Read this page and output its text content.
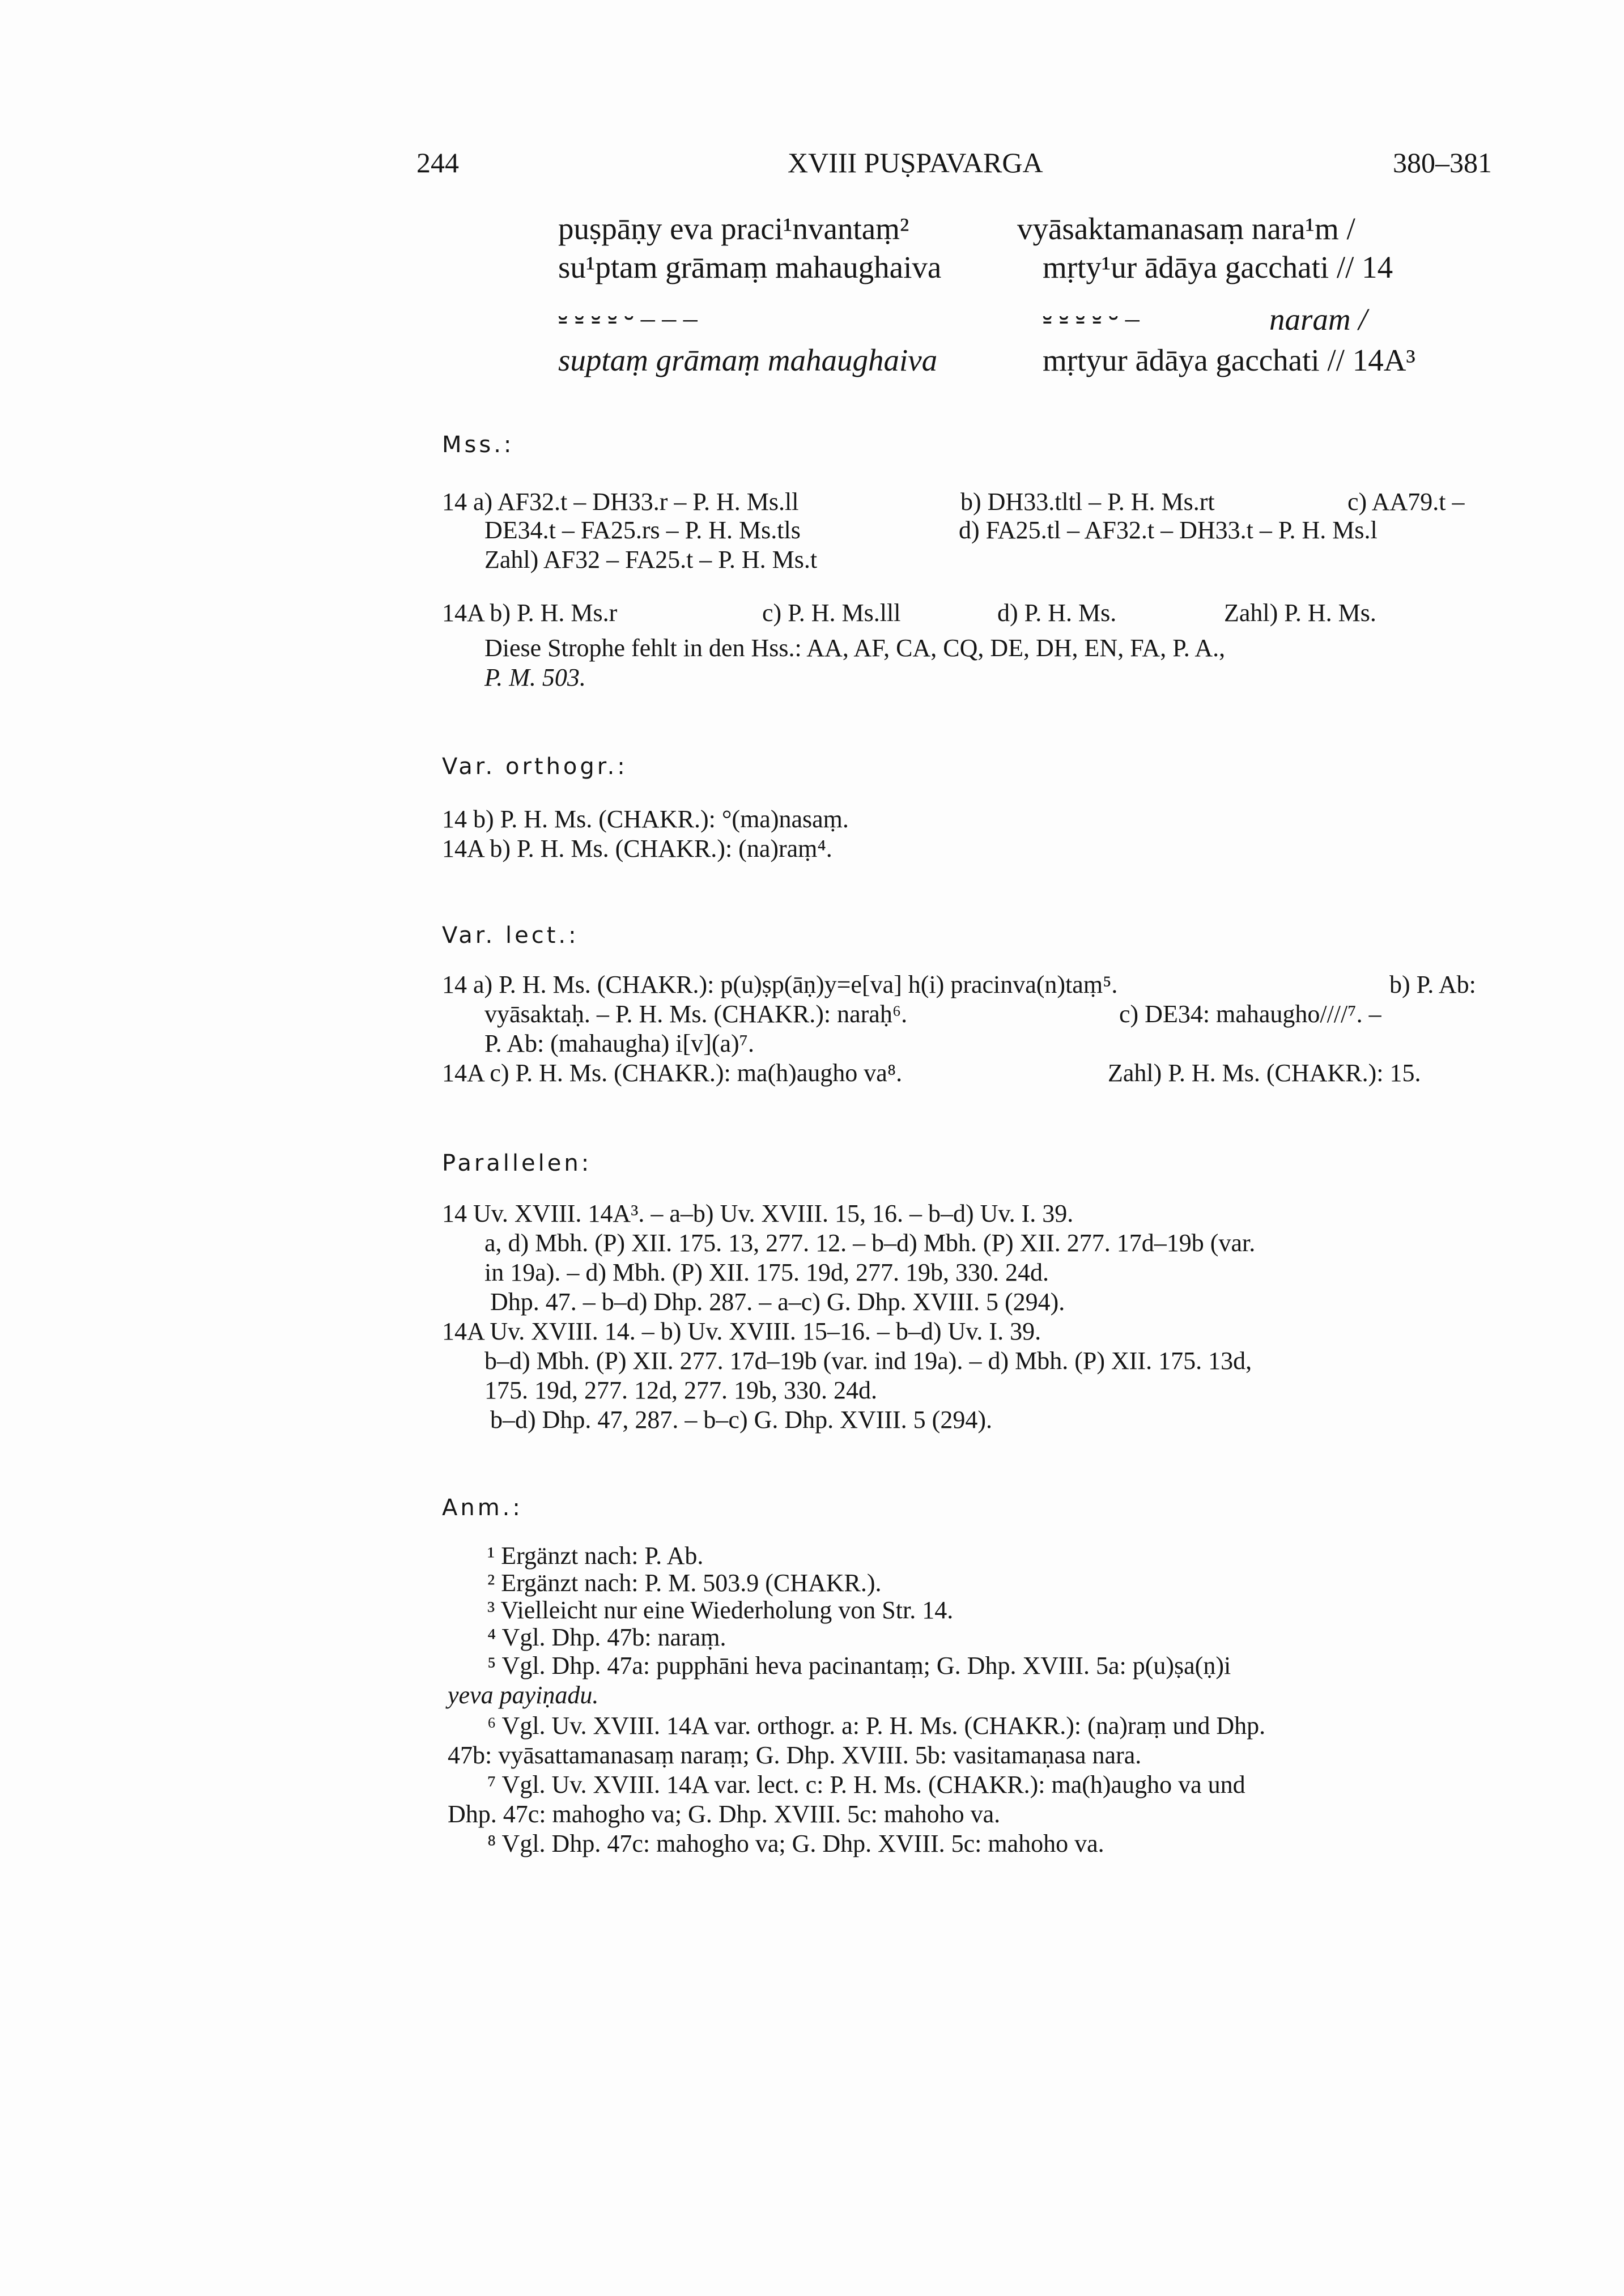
244	XVIII PUṢPAVARGA	380–381
puṣpāṇy eva praci¹nvantaṃ²	vyāsaktamanasaṃ nara¹m /
su¹ptam grāmaṃ mahaughaiva	mṛty¹ur ādāya gacchati // 14
⏓ ⏓ ⏓ ⏓ ⏑ – – –	⏓ ⏓ ⏓ ⏓ ⏑ –	naram /
suptaṃ grāmaṃ mahaughaiva	mṛtyur ādāya gacchati // 14A³
Mss.:
14 a) AF32.t – DH33.r – P. H. Ms.ll	b) DH33.tltl – P. H. Ms.rt	c) AA79.t –
DE34.t – FA25.rs – P. H. Ms.tls	d) FA25.tl – AF32.t – DH33.t – P. H. Ms.l
Zahl) AF32 – FA25.t – P. H. Ms.t
14A b) P. H. Ms.r	c) P. H. Ms.lll	d) P. H. Ms.	Zahl) P. H. Ms.
Diese Strophe fehlt in den Hss.: AA, AF, CA, CQ, DE, DH, EN, FA, P. A.,
P. M. 503.
Var. orthogr.:
14 b) P. H. Ms. (CHAKR.): °(ma)nasaṃ.
14A b) P. H. Ms. (CHAKR.): (na)raṃ⁴.
Var. lect.:
14 a) P. H. Ms. (CHAKR.): p(u)ṣp(āṇ)y=e[va] h(i) pracinva(n)taṃ⁵.	b) P. Ab:
vyāsaktaḥ. – P. H. Ms. (CHAKR.): naraḥ⁶.	c) DE34: mahaugho////⁷. –
P. Ab: (mahaugha) i[v](a)⁷.
14A c) P. H. Ms. (CHAKR.): ma(h)augho va⁸.	Zahl) P. H. Ms. (CHAKR.): 15.
Parallelen:
14 Uv. XVIII. 14A³. – a–b) Uv. XVIII. 15, 16. – b–d) Uv. I. 39.
a, d) Mbh. (P) XII. 175. 13, 277. 12. – b–d) Mbh. (P) XII. 277. 17d–19b (var.
in 19a). – d) Mbh. (P) XII. 175. 19d, 277. 19b, 330. 24d.
Dhp. 47. – b–d) Dhp. 287. – a–c) G. Dhp. XVIII. 5 (294).
14A Uv. XVIII. 14. – b) Uv. XVIII. 15–16. – b–d) Uv. I. 39.
b–d) Mbh. (P) XII. 277. 17d–19b (var. ind 19a). – d) Mbh. (P) XII. 175. 13d,
175. 19d, 277. 12d, 277. 19b, 330. 24d.
b–d) Dhp. 47, 287. – b–c) G. Dhp. XVIII. 5 (294).
Anm.:
¹ Ergänzt nach: P. Ab.
² Ergänzt nach: P. M. 503.9 (CHAKR.).
³ Vielleicht nur eine Wiederholung von Str. 14.
⁴ Vgl. Dhp. 47b: naraṃ.
⁵ Vgl. Dhp. 47a: pupphāni heva pacinantaṃ; G. Dhp. XVIII. 5a: p(u)ṣa(ṇ)i
yeva payiṇadu.
⁶ Vgl. Uv. XVIII. 14A var. orthogr. a: P. H. Ms. (CHAKR.): (na)raṃ und Dhp.
47b: vyāsattamanasaṃ naraṃ; G. Dhp. XVIII. 5b: vasitamaṇasa nara.
⁷ Vgl. Uv. XVIII. 14A var. lect. c: P. H. Ms. (CHAKR.): ma(h)augho va und
Dhp. 47c: mahogho va; G. Dhp. XVIII. 5c: mahoho va.
⁸ Vgl. Dhp. 47c: mahogho va; G. Dhp. XVIII. 5c: mahoho va.
